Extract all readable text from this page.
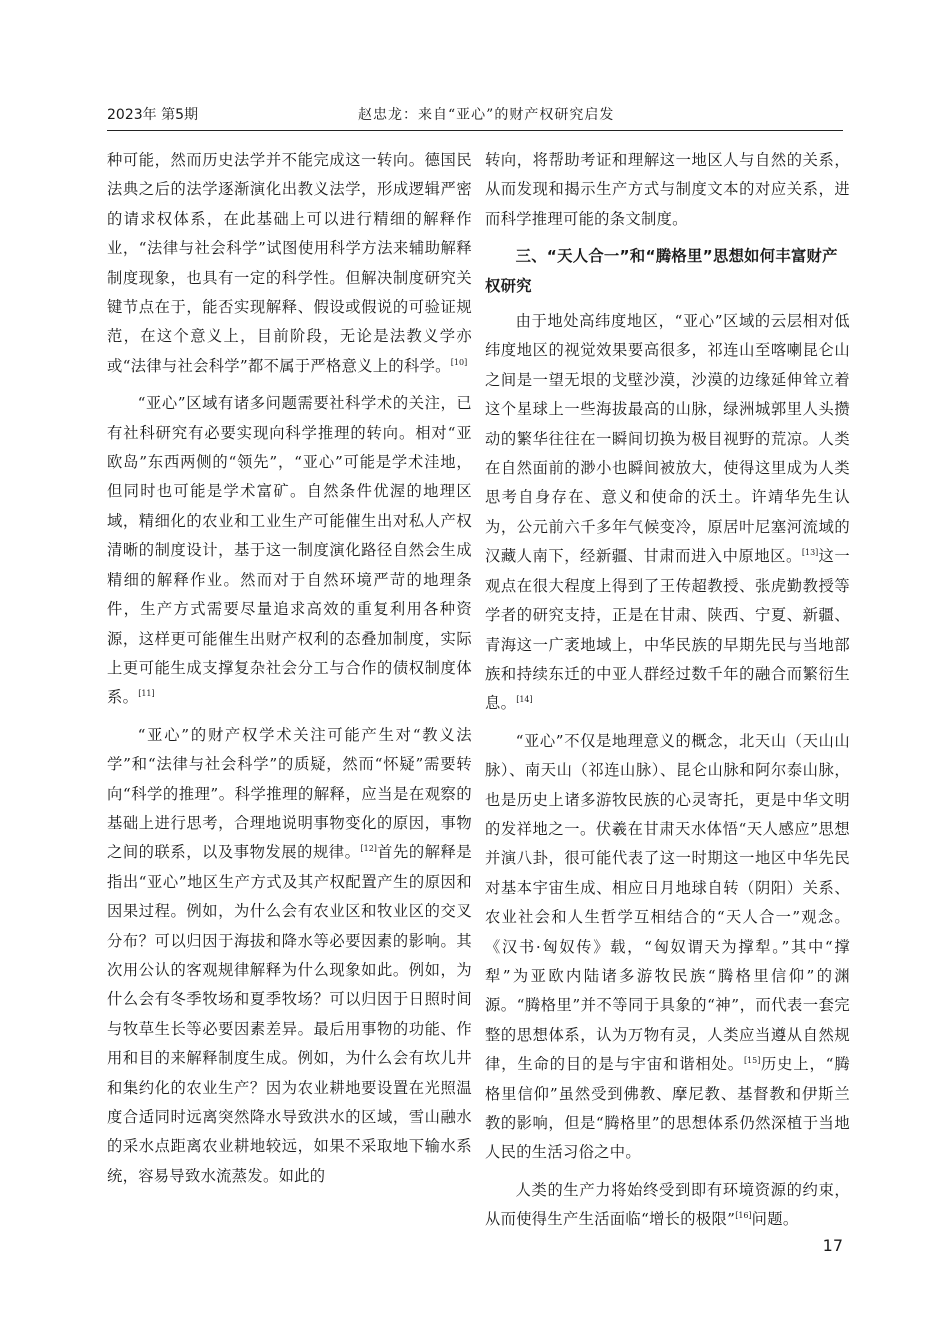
2023年 第5期	赵忠龙：来自“亚心”的财产权研究启发

种可能，然而历史法学并不能完成这一转向。德国民法典之后的法学逐渐演化出教义法学，形成逻辑严密的请求权体系，在此基础上可以进行精细的解释作业，“法律与社会科学”试图使用科学方法来辅助解释制度现象，也具有一定的科学性。但解决制度研究关键节点在于，能否实现解释、假设或假说的可验证规范，在这个意义上，目前阶段，无论是法教义学亦或“法律与社会科学”都不属于严格意义上的科学。[10]

“亚心”区域有诸多问题需要社科学术的关注，已有社科研究有必要实现向科学推理的转向。相对“亚欧岛”东西两侧的“领先”，“亚心”可能是学术洼地，但同时也可能是学术富矿。自然条件优渥的地理区域，精细化的农业和工业生产可能催生出对私人产权清晰的制度设计，基于这一制度演化路径自然会生成精细的解释作业。然而对于自然环境严苛的地理条件，生产方式需要尽量追求高效的重复利用各种资源，这样更可能催生出财产权利的态叠加制度，实际上更可能生成支撑复杂社会分工与合作的债权制度体系。[11]

“亚心”的财产权学术关注可能产生对“教义法学”和“法律与社会科学”的质疑，然而“怀疑”需要转向“科学的推理”。科学推理的解释，应当是在观察的基础上进行思考，合理地说明事物变化的原因，事物之间的联系，以及事物发展的规律。[12]首先的解释是指出“亚心”地区生产方式及其产权配置产生的原因和因果过程。例如，为什么会有农业区和牧业区的交叉分布？可以归因于海拔和降水等必要因素的影响。其次用公认的客观规律解释为什么现象如此。例如，为什么会有冬季牧场和夏季牧场？可以归因于日照时间与牧草生长等必要因素差异。最后用事物的功能、作用和目的来解释制度生成。例如，为什么会有坎儿井和集约化的农业生产？因为农业耕地要设置在光照温度合适同时远离突然降水导致洪水的区域，雪山融水的采水点距离农业耕地较远，如果不采取地下输水系统，容易导致水流蒸发。如此的

转向，将帮助考证和理解这一地区人与自然的关系，从而发现和揭示生产方式与制度文本的对应关系，进而科学推理可能的条文制度。

三、“天人合一”和“腾格里”思想如何丰富财产权研究

由于地处高纬度地区，“亚心”区域的云层相对低纬度地区的视觉效果要高很多，祁连山至喀喇昆仑山之间是一望无垠的戈壁沙漠，沙漠的边缘延伸耸立着这个星球上一些海拔最高的山脉，绿洲城郭里人头攒动的繁华往往在一瞬间切换为极目视野的荒凉。人类在自然面前的渺小也瞬间被放大，使得这里成为人类思考自身存在、意义和使命的沃土。许靖华先生认为，公元前六千多年气候变冷，原居叶尼塞河流域的汉藏人南下，经新疆、甘肃而进入中原地区。[13]这一观点在很大程度上得到了王传超教授、张虎勤教授等学者的研究支持，正是在甘肃、陕西、宁夏、新疆、青海这一广袤地域上，中华民族的早期先民与当地部族和持续东迁的中亚人群经过数千年的融合而繁衍生息。[14]

“亚心”不仅是地理意义的概念，北天山（天山山脉）、南天山（祁连山脉）、昆仑山脉和阿尔泰山脉，也是历史上诸多游牧民族的心灵寄托，更是中华文明的发祥地之一。伏羲在甘肃天水体悟“天人感应”思想并演八卦，很可能代表了这一时期这一地区中华先民对基本宇宙生成、相应日月地球自转（阴阳）关系、农业社会和人生哲学互相结合的“天人合一”观念。《汉书·匈奴传》载，“匈奴谓天为撑犁。”其中“撑犁”为亚欧内陆诸多游牧民族“腾格里信仰”的渊源。“腾格里”并不等同于具象的“神”，而代表一套完整的思想体系，认为万物有灵，人类应当遵从自然规律，生命的目的是与宇宙和谐相处。[15]历史上，“腾格里信仰”虽然受到佛教、摩尼教、基督教和伊斯兰教的影响，但是“腾格里”的思想体系仍然深植于当地人民的生活习俗之中。

人类的生产力将始终受到即有环境资源的约束，从而使得生产生活面临“增长的极限”[16]问题。

17
